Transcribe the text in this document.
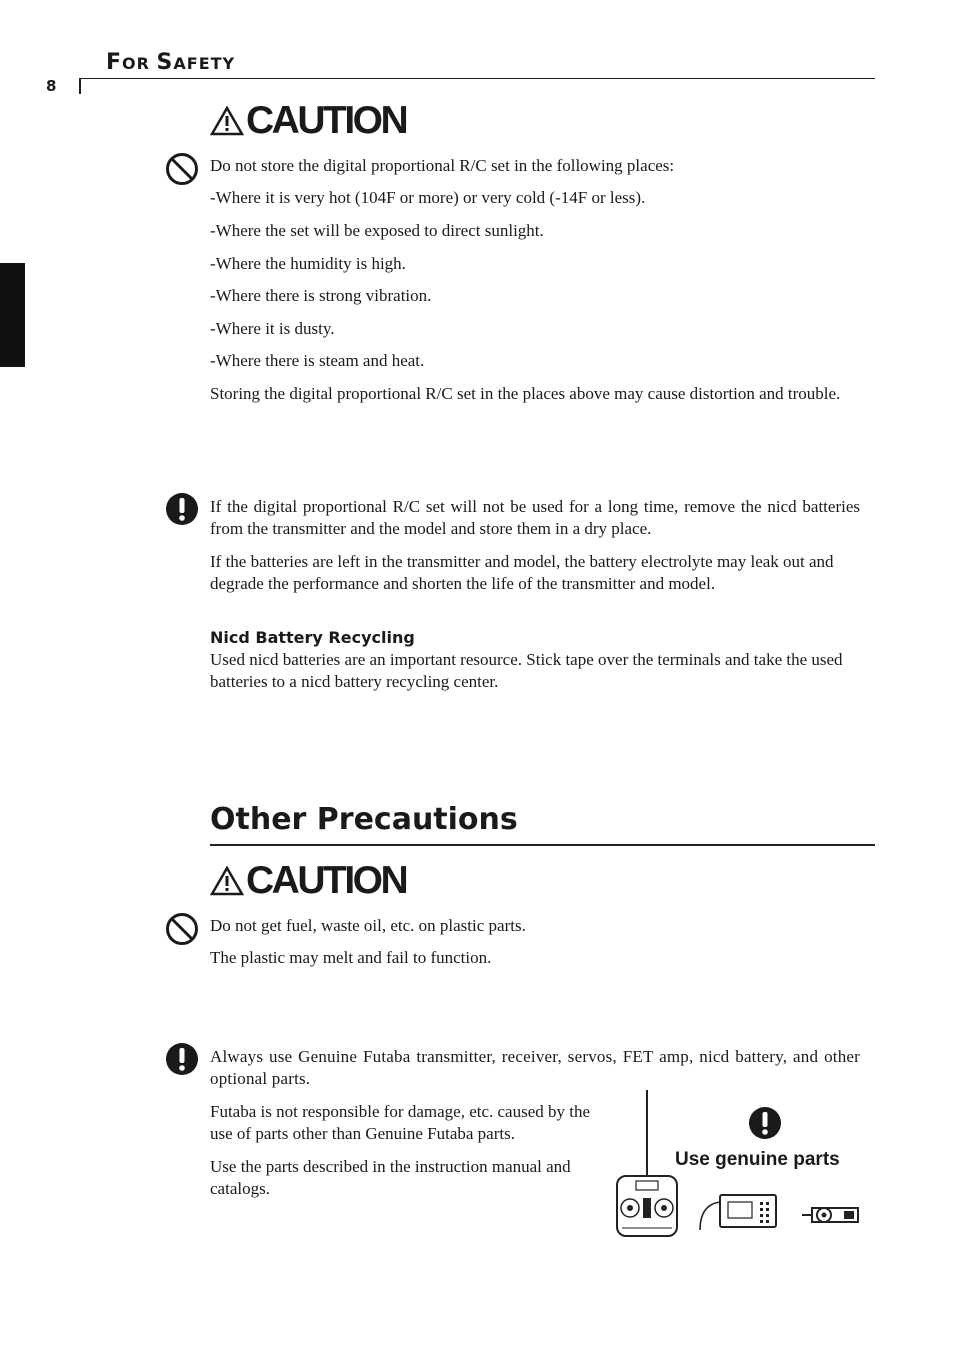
FOR SAFETY
8
CAUTION
Do not store the digital proportional R/C set in the following places:
-Where it is very hot (104F or more) or very cold (-14F or less).
-Where the set will be exposed to direct sunlight.
-Where the humidity is high.
-Where there is strong vibration.
-Where it is dusty.
-Where there is steam and heat.
Storing the digital proportional R/C set in the places above may cause distortion and trouble.
If the digital proportional R/C set will not be used for a long time, remove the nicd batteries from the transmitter and the model and store them in a dry place.
If the batteries are left in the transmitter and model, the battery electrolyte may leak out and degrade the performance and shorten the life of the transmitter and model.
Nicd Battery Recycling
Used nicd batteries are an important resource. Stick tape over the terminals and take the used batteries to a nicd battery recycling center.
Other Precautions
CAUTION
Do not get fuel, waste oil, etc. on plastic parts.
The plastic may melt and fail to function.
Always use Genuine Futaba transmitter, receiver, servos, FET amp, nicd battery, and other optional parts.
Futaba is not responsible for damage, etc. caused by the use of parts other than Genuine Futaba parts.
Use the parts described in the instruction manual and catalogs.
Use genuine parts
